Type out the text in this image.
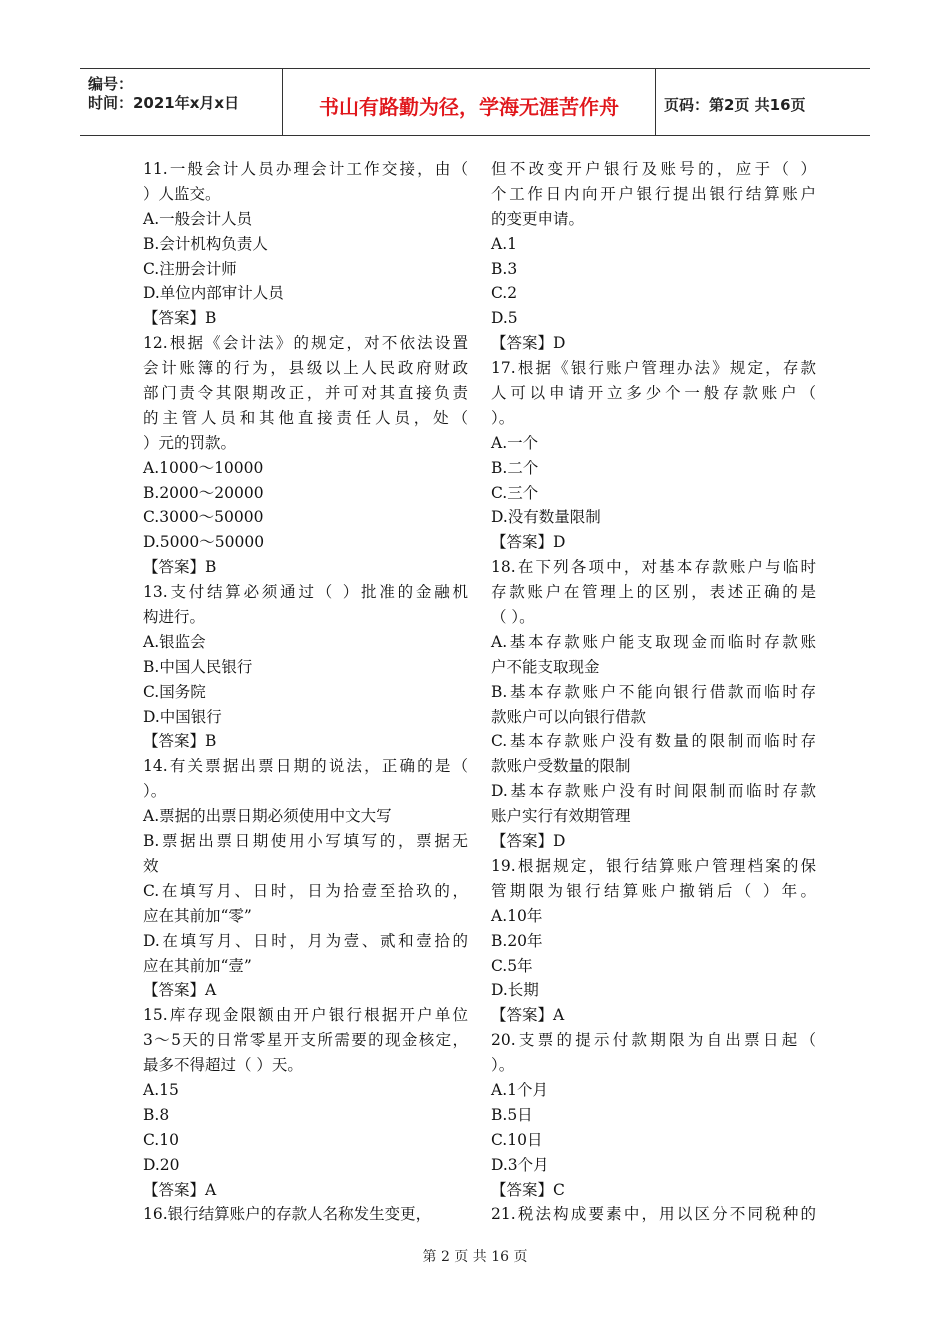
编号：
时间：2021年x月x日	书山有路勤为径，学海无涯苦作舟	页码：第2页 共16页
11.一般会计人员办理会计工作交接，由（
）人监交。
A.一般会计人员
B.会计机构负责人
C.注册会计师
D.单位内部审计人员
【答案】B
12.根据《会计法》的规定，对不依法设置
会计账簿的行为，县级以上人民政府财政
部门责令其限期改正，并可对其直接负责
的主管人员和其他直接责任人员，处（
）元的罚款。
A.1000～10000
B.2000～20000
C.3000～50000
D.5000～50000
【答案】B
13.支付结算必须通过（ ）批准的金融机
构进行。
A.银监会
B.中国人民银行
C.国务院
D.中国银行
【答案】B
14.有关票据出票日期的说法，正确的是（
）。
A.票据的出票日期必须使用中文大写
B.票据出票日期使用小写填写的，票据无
效
C.在填写月、日时，日为拾壹至拾玖的，
应在其前加“零”
D.在填写月、日时，月为壹、贰和壹拾的
应在其前加“壹”
【答案】A
15.库存现金限额由开户银行根据开户单位
3～5天的日常零星开支所需要的现金核定，
最多不得超过（ ）天。
A.15
B.8
C.10
D.20
【答案】A
16.银行结算账户的存款人名称发生变更，
但不改变开户银行及账号的，应于（ ）
个工作日内向开户银行提出银行结算账户
的变更申请。
A.1
B.3
C.2
D.5
【答案】D
17.根据《银行账户管理办法》规定，存款
人可以申请开立多少个一般存款账户（
）。
A.一个
B.二个
C.三个
D.没有数量限制
【答案】D
18.在下列各项中，对基本存款账户与临时
存款账户在管理上的区别，表述正确的是
（ ）。
A.基本存款账户能支取现金而临时存款账
户不能支取现金
B.基本存款账户不能向银行借款而临时存
款账户可以向银行借款
C.基本存款账户没有数量的限制而临时存
款账户受数量的限制
D.基本存款账户没有时间限制而临时存款
账户实行有效期管理
【答案】D
19.根据规定，银行结算账户管理档案的保
管期限为银行结算账户撤销后（ ）年。
A.10年
B.20年
C.5年
D.长期
【答案】A
20.支票的提示付款期限为自出票日起（
）。
A.1个月
B.5日
C.10日
D.3个月
【答案】C
21.税法构成要素中，用以区分不同税种的
第 2 页 共 16 页
